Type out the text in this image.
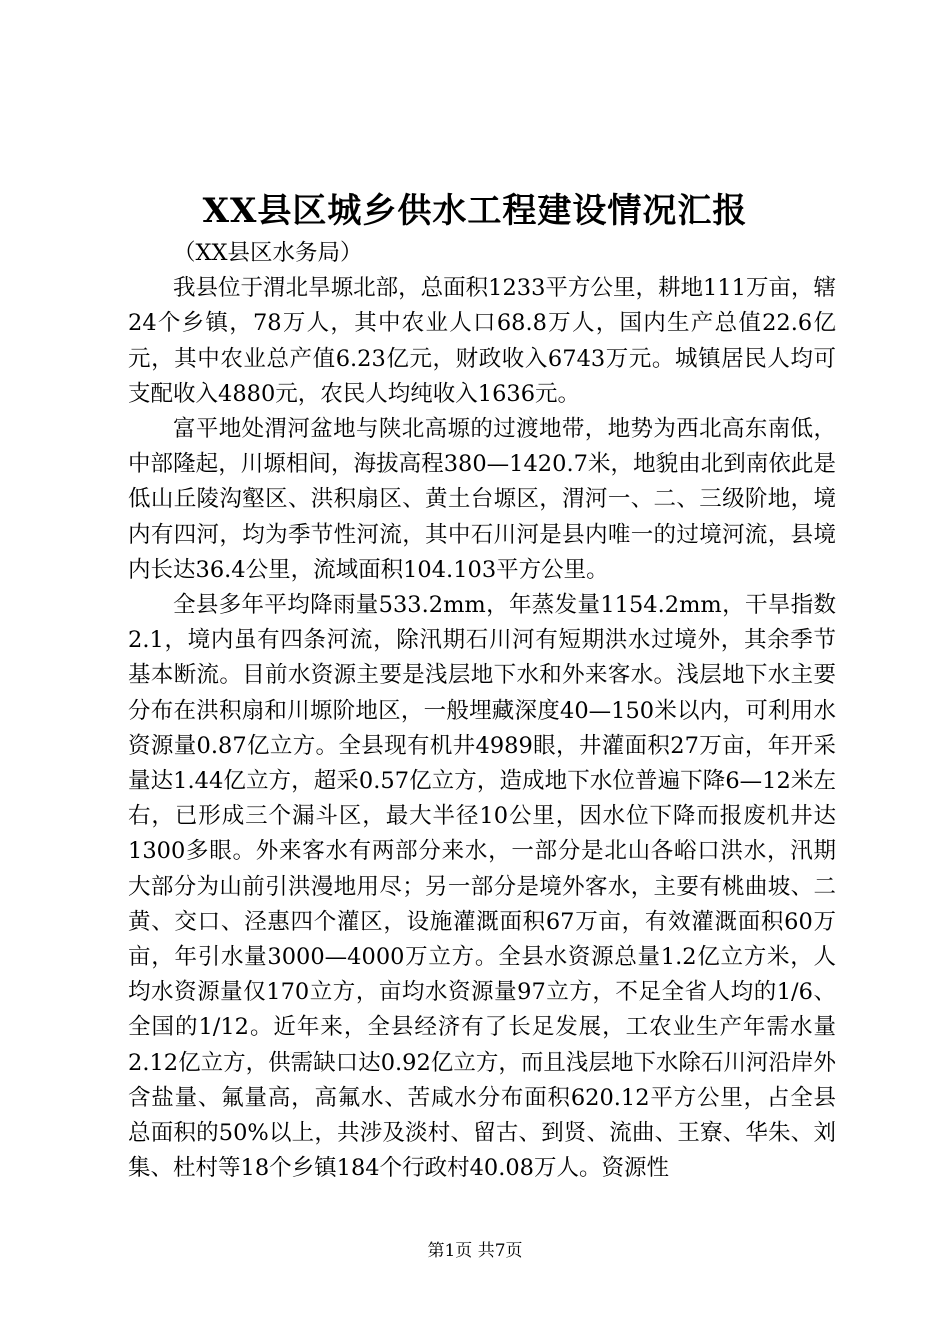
XX县区城乡供水工程建设情况汇报

（XX县区水务局）

我县位于渭北旱塬北部，总面积1233平方公里，耕地111万亩，辖24个乡镇，78万人，其中农业人口68.8万人，国内生产总值22.6亿元，其中农业总产值6.23亿元，财政收入6743万元。城镇居民人均可支配收入4880元，农民人均纯收入1636元。

富平地处渭河盆地与陕北高塬的过渡地带，地势为西北高东南低，中部隆起，川塬相间，海拔高程380—1420.7米，地貌由北到南依此是低山丘陵沟壑区、洪积扇区、黄土台塬区，渭河一、二、三级阶地，境内有四河，均为季节性河流，其中石川河是县内唯一的过境河流，县境内长达36.4公里，流域面积104.103平方公里。

全县多年平均降雨量533.2mm，年蒸发量1154.2mm，干旱指数2.1，境内虽有四条河流，除汛期石川河有短期洪水过境外，其余季节基本断流。目前水资源主要是浅层地下水和外来客水。浅层地下水主要分布在洪积扇和川塬阶地区，一般埋藏深度40—150米以内，可利用水资源量0.87亿立方。全县现有机井4989眼，井灌面积27万亩，年开采量达1.44亿立方，超采0.57亿立方，造成地下水位普遍下降6—12米左右，已形成三个漏斗区，最大半径10公里，因水位下降而报废机井达1300多眼。外来客水有两部分来水，一部分是北山各峪口洪水，汛期大部分为山前引洪漫地用尽；另一部分是境外客水，主要有桃曲坡、二黄、交口、泾惠四个灌区，设施灌溉面积67万亩，有效灌溉面积60万亩，年引水量3000—4000万立方。全县水资源总量1.2亿立方米，人均水资源量仅170立方，亩均水资源量97立方，不足全省人均的1/6、全国的1/12。近年来，全县经济有了长足发展，工农业生产年需水量2.12亿立方，供需缺口达0.92亿立方，而且浅层地下水除石川河沿岸外含盐量、氟量高，高氟水、苦咸水分布面积620.12平方公里，占全县总面积的50%以上，共涉及淡村、留古、到贤、流曲、王寮、华朱、刘集、杜村等18个乡镇184个行政村40.08万人。资源性

第1页 共7页
